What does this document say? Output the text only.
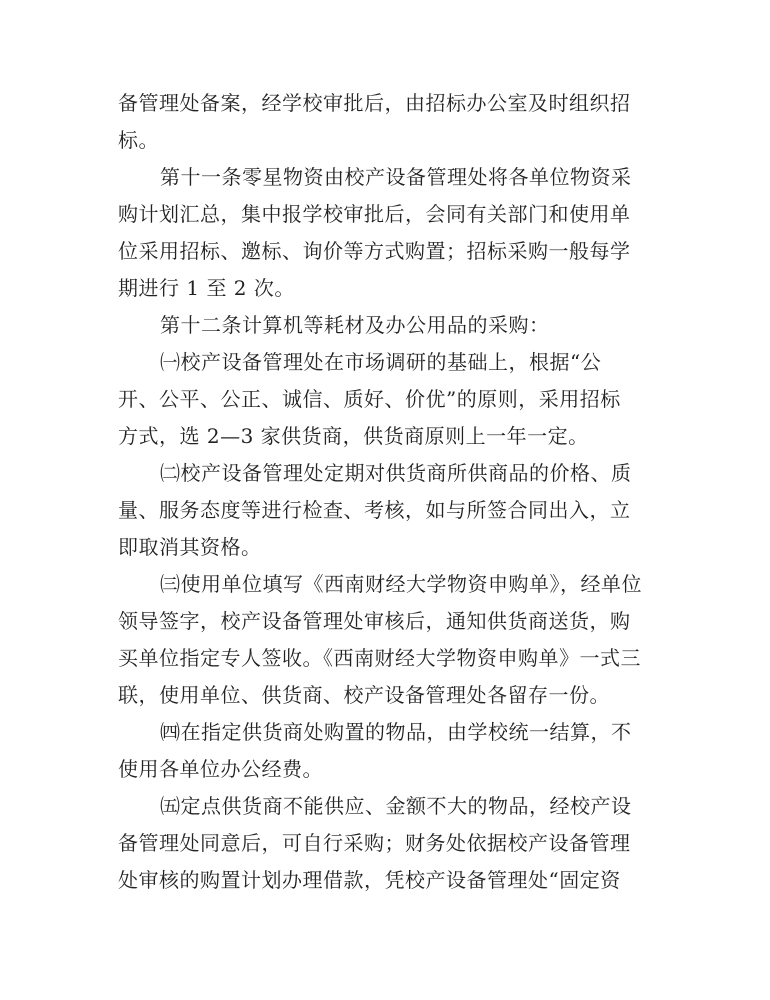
备管理处备案，经学校审批后，由招标办公室及时组织招
标。
第十一条零星物资由校产设备管理处将各单位物资采
购计划汇总，集中报学校审批后，会同有关部门和使用单
位采用招标、邀标、询价等方式购置；招标采购一般每学
期进行 1 至 2 次。
第十二条计算机等耗材及办公用品的采购：
㈠校产设备管理处在市场调研的基础上，根据“公
开、公平、公正、诚信、质好、价优”的原则，采用招标
方式，选 2—3 家供货商，供货商原则上一年一定。
㈡校产设备管理处定期对供货商所供商品的价格、质
量、服务态度等进行检查、考核，如与所签合同出入，立
即取消其资格。
㈢使用单位填写《西南财经大学物资申购单》，经单位
领导签字，校产设备管理处审核后，通知供货商送货，购
买单位指定专人签收。《西南财经大学物资申购单》一式三
联，使用单位、供货商、校产设备管理处各留存一份。
㈣在指定供货商处购置的物品，由学校统一结算，不
使用各单位办公经费。
㈤定点供货商不能供应、金额不大的物品，经校产设
备管理处同意后，可自行采购；财务处依据校产设备管理
处审核的购置计划办理借款，凭校产设备管理处“固定资
